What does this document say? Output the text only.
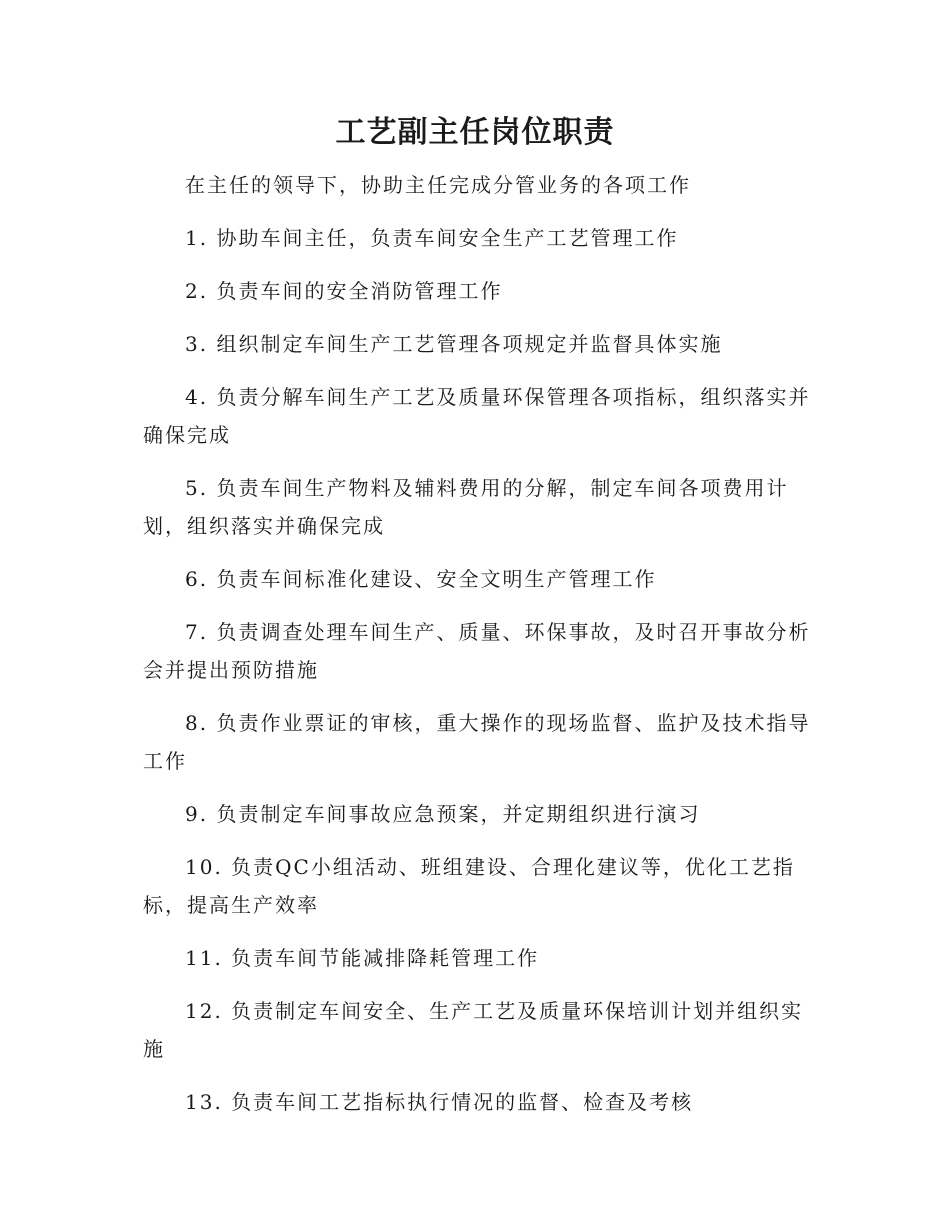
工艺副主任岗位职责

在主任的领导下，协助主任完成分管业务的各项工作

1. 协助车间主任，负责车间安全生产工艺管理工作

2. 负责车间的安全消防管理工作

3. 组织制定车间生产工艺管理各项规定并监督具体实施

4. 负责分解车间生产工艺及质量环保管理各项指标，组织落实并确保完成

5. 负责车间生产物料及辅料费用的分解，制定车间各项费用计划，组织落实并确保完成

6. 负责车间标准化建设、安全文明生产管理工作

7. 负责调查处理车间生产、质量、环保事故，及时召开事故分析会并提出预防措施

8. 负责作业票证的审核，重大操作的现场监督、监护及技术指导工作

9. 负责制定车间事故应急预案，并定期组织进行演习

10. 负责QC小组活动、班组建设、合理化建议等，优化工艺指标，提高生产效率

11. 负责车间节能减排降耗管理工作

12. 负责制定车间安全、生产工艺及质量环保培训计划并组织实施

13. 负责车间工艺指标执行情况的监督、检查及考核
